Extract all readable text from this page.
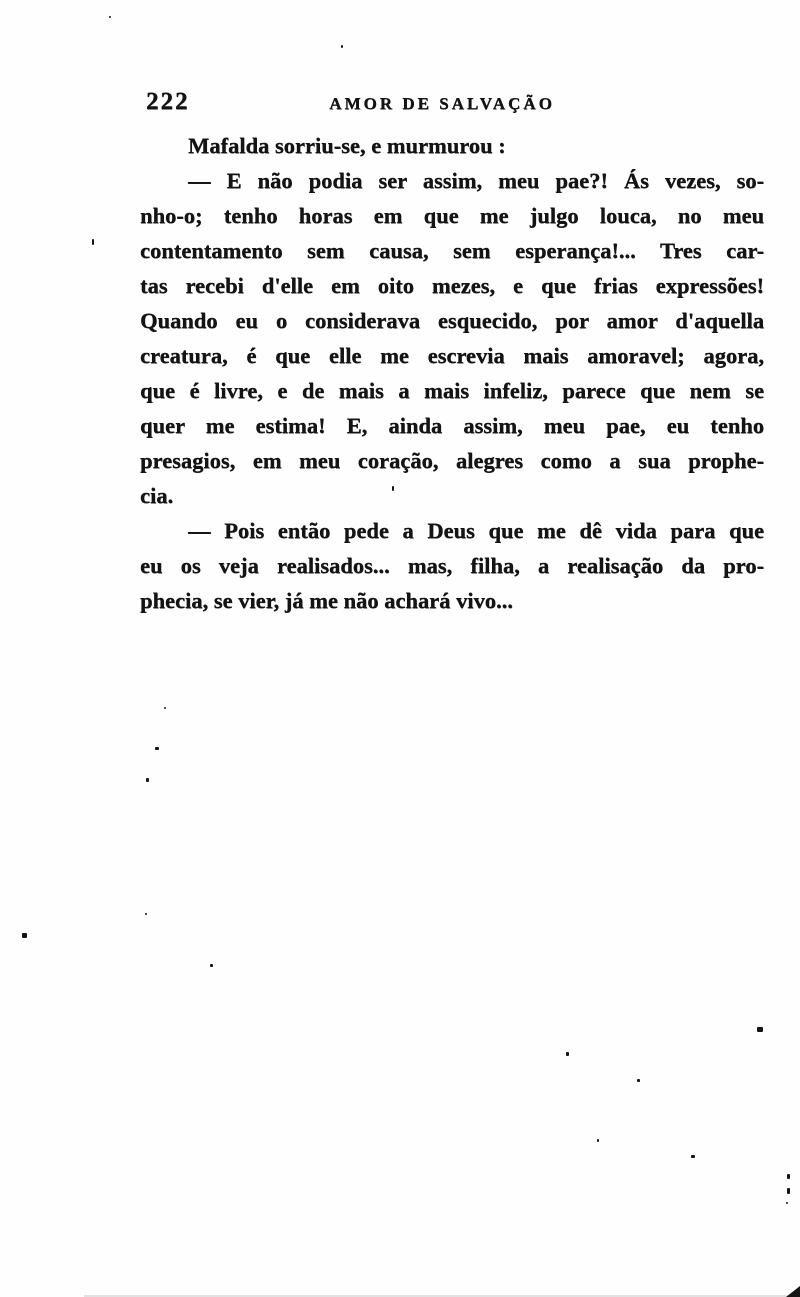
222	AMOR DE SALVAÇÃO
Mafalda sorriu-se, e murmurou :
— E não podia ser assim, meu pae?! Ás vezes, so-
nho-o; tenho horas em que me julgo louca, no meu
contentamento sem causa, sem esperança!... Tres car-
tas recebi d'elle em oito mezes, e que frias expressões!
Quando eu o considerava esquecido, por amor d'aquella
creatura, é que elle me escrevia mais amoravel; agora,
que é livre, e de mais a mais infeliz, parece que nem se
quer me estima! E, ainda assim, meu pae, eu tenho
presagios, em meu coração, alegres como a sua prophe-
cia.
— Pois então pede a Deus que me dê vida para que
eu os veja realisados... mas, filha, a realisação da pro-
phecia, se vier, já me não achará vivo...
